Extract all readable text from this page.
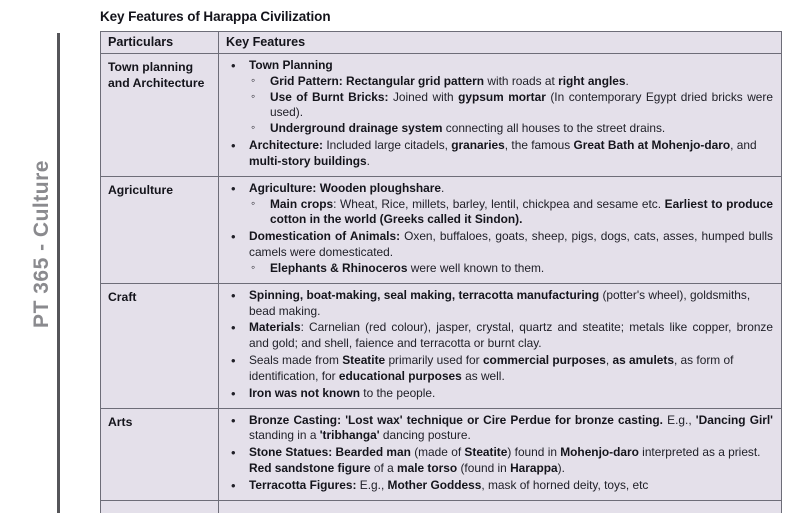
PT 365 - Culture
Key Features of Harappa Civilization
Particulars	Key Features
Town planning and Architecture	
• Town Planning
◦ Grid Pattern: Rectangular grid pattern with roads at right angles.
◦ Use of Burnt Bricks: Joined with gypsum mortar (In contemporary Egypt dried bricks were used).
◦ Underground drainage system connecting all houses to the street drains.
• Architecture: Included large citadels, granaries, the famous Great Bath at Mohenjo-daro, and multi-story buildings.

Agriculture	
•Agriculture: Wooden ploughshare.
◦ Main crops: Wheat, Rice, millets, barley, lentil, chickpea and sesame etc. Earliest to produce cotton in the world (Greeks called it Sindon).
• Domestication of Animals: Oxen, buffaloes, goats, sheep, pigs, dogs, cats, asses, humped bulls camels were domesticated.
◦ Elephants & Rhinoceros were well known to them.

Craft	
•Spinning, boat-making, seal making, terracotta manufacturing (potter's wheel), goldsmiths, bead making.
• Materials: Carnelian (red colour), jasper, crystal, quartz and steatite; metals like copper, bronze and gold; and shell, faience and terracotta or burnt clay.
• Seals made from Steatite primarily used for commercial purposes, as amulets, as form of identification, for educational purposes as well.
• Iron was not known to the people.

Arts	
•Bronze Casting: 'Lost wax' technique or Cire Perdue for bronze casting. E.g., 'Dancing Girl' standing in a 'tribhanga' dancing posture.
• Stone Statues: Bearded man (made of Steatite) found in Mohenjo-daro interpreted as a priest. Red sandstone figure of a male torso (found in Harappa).
• Terracotta Figures: E.g., Mother Goddess, mask of horned deity, toys, etc
